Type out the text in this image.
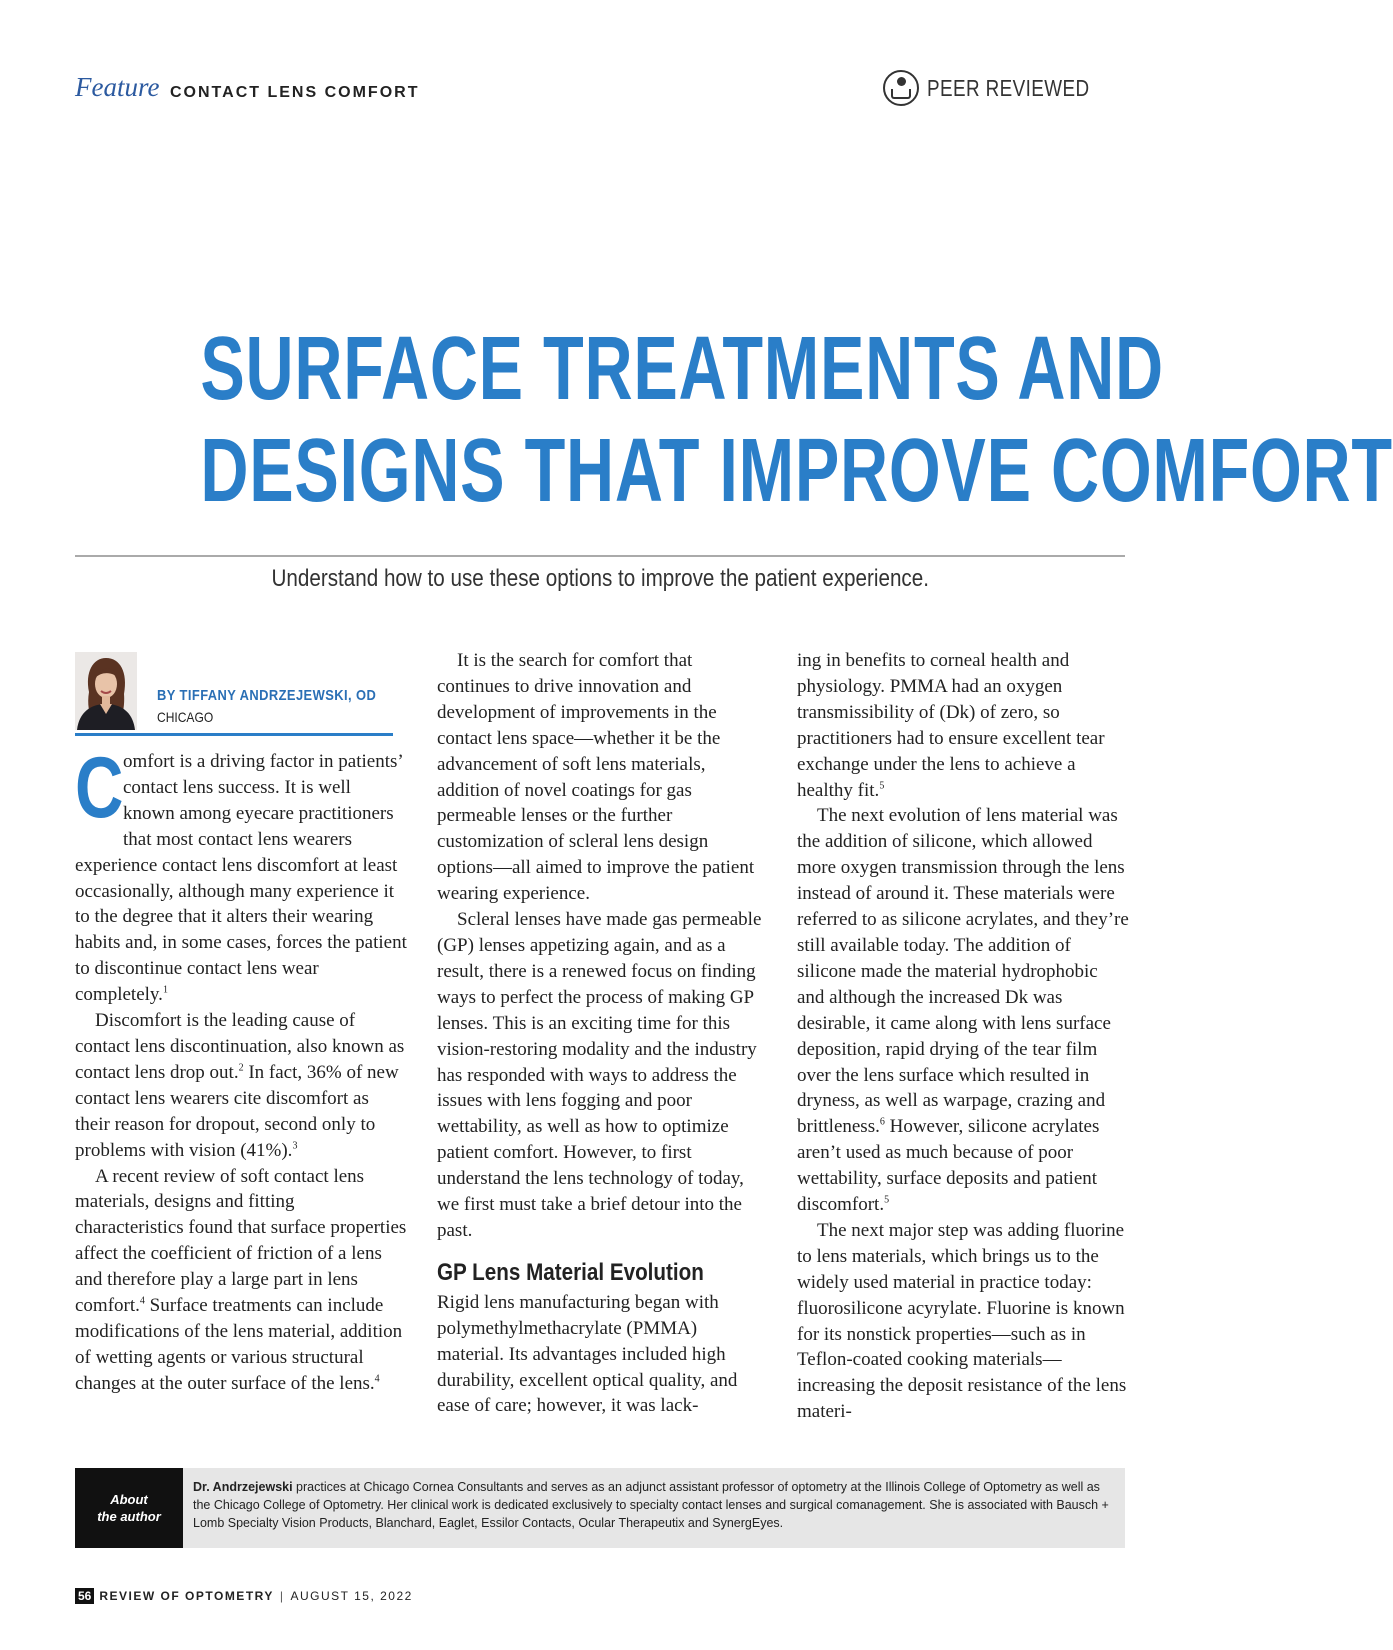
Feature CONTACT LENS COMFORT	PEER REVIEWED
SURFACE TREATMENTS AND
DESIGNS THAT IMPROVE COMFORT
Understand how to use these options to improve the patient experience.
BY TIFFANY ANDRZEJEWSKI, OD
CHICAGO

Comfort is a driving factor in patients’ contact lens success. It is well known among eyecare practitioners that most contact lens wearers experience contact lens discomfort at least occasionally, although many experience it to the degree that it alters their wearing habits and, in some cases, forces the patient to discontinue contact lens wear completely.$^1$

Discomfort is the leading cause of contact lens discontinuation, also known as contact lens drop out.$^2$ In fact, 36% of new contact lens wearers cite discomfort as their reason for dropout, second only to problems with vision (41%).$^3$

A recent review of soft contact lens materials, designs and fitting characteristics found that surface properties affect the coefficient of friction of a lens and therefore play a large part in lens comfort.$^4$ Surface treatments can include modifications of the lens material, addition of wetting agents or various structural changes at the outer surface of the lens.$^4$

It is the search for comfort that continues to drive innovation and development of improvements in the contact lens space—whether it be the advancement of soft lens materials, addition of novel coatings for gas permeable lenses or the further customization of scleral lens design options—all aimed to improve the patient wearing experience.

Scleral lenses have made gas permeable (GP) lenses appetizing again, and as a result, there is a renewed focus on finding ways to perfect the process of making GP lenses. This is an exciting time for this vision-restoring modality and the industry has responded with ways to address the issues with lens fogging and poor wettability, as well as how to optimize patient comfort. However, to first understand the lens technology of today, we first must take a brief detour into the past.

GP Lens Material Evolution

Rigid lens manufacturing began with polymethylmethacrylate (PMMA) material. Its advantages included high durability, excellent optical quality, and ease of care; however, it was lack-

ing in benefits to corneal health and physiology. PMMA had an oxygen transmissibility of (Dk) of zero, so practitioners had to ensure excellent tear exchange under the lens to achieve a healthy fit.$^5$

The next evolution of lens material was the addition of silicone, which allowed more oxygen transmission through the lens instead of around it. These materials were referred to as silicone acrylates, and they’re still available today. The addition of silicone made the material hydrophobic and although the increased Dk was desirable, it came along with lens surface deposition, rapid drying of the tear film over the lens surface which resulted in dryness, as well as warpage, crazing and brittleness.$^6$ However, silicone acrylates aren’t used as much because of poor wettability, surface deposits and patient discomfort.$^5$

The next major step was adding fluorine to lens materials, which brings us to the widely used material in practice today: fluorosilicone acyrylate. Fluorine is known for its nonstick properties—such as in Teflon-coated cooking materials—increasing the deposit resistance of the lens materi-

About
the author
Dr. Andrzejewski practices at Chicago Cornea Consultants and serves as an adjunct assistant professor of optometry at the Illinois College of Optometry as well as the Chicago College of Optometry. Her clinical work is dedicated exclusively to specialty contact lenses and surgical comanagement. She is associated with Bausch + Lomb Specialty Vision Products, Blanchard, Eaglet, Essilor Contacts, Ocular Therapeutix and SynergEyes.
56 REVIEW OF OPTOMETRY | AUGUST 15, 2022
